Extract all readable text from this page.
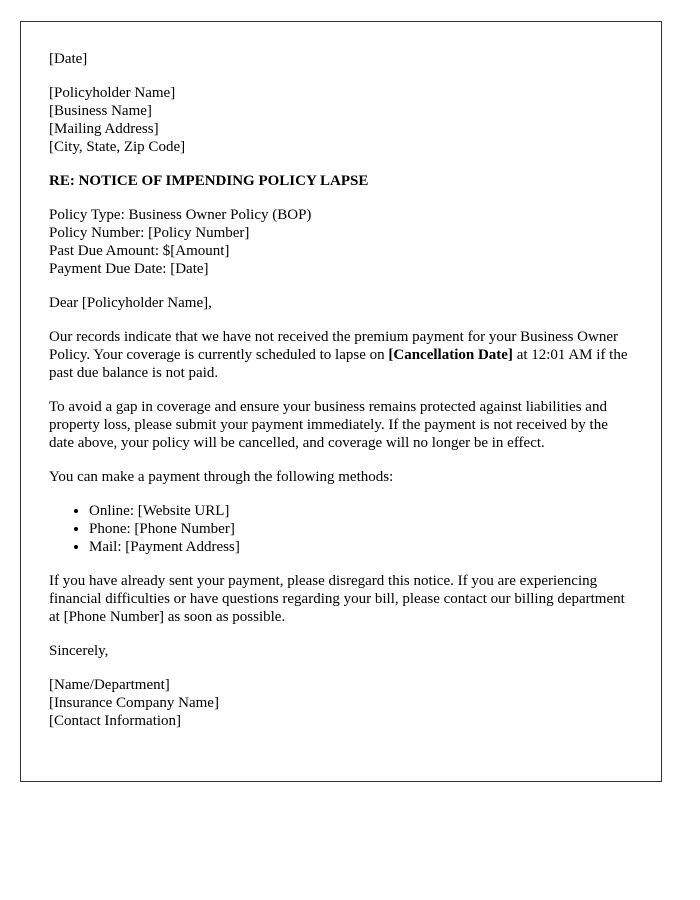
[Date]

[Policyholder Name]
[Business Name]
[Mailing Address]
[City, State, Zip Code]

RE: NOTICE OF IMPENDING POLICY LAPSE

Policy Type: Business Owner Policy (BOP)
Policy Number: [Policy Number]
Past Due Amount: $[Amount]
Payment Due Date: [Date]

Dear [Policyholder Name],

Our records indicate that we have not received the premium payment for your Business Owner Policy. Your coverage is currently scheduled to lapse on [Cancellation Date] at 12:01 AM if the past due balance is not paid.

To avoid a gap in coverage and ensure your business remains protected against liabilities and property loss, please submit your payment immediately. If the payment is not received by the date above, your policy will be cancelled, and coverage will no longer be in effect.

You can make a payment through the following methods:

• Online: [Website URL]
• Phone: [Phone Number]
• Mail: [Payment Address]

If you have already sent your payment, please disregard this notice. If you are experiencing financial difficulties or have questions regarding your bill, please contact our billing department at [Phone Number] as soon as possible.

Sincerely,

[Name/Department]
[Insurance Company Name]
[Contact Information]
